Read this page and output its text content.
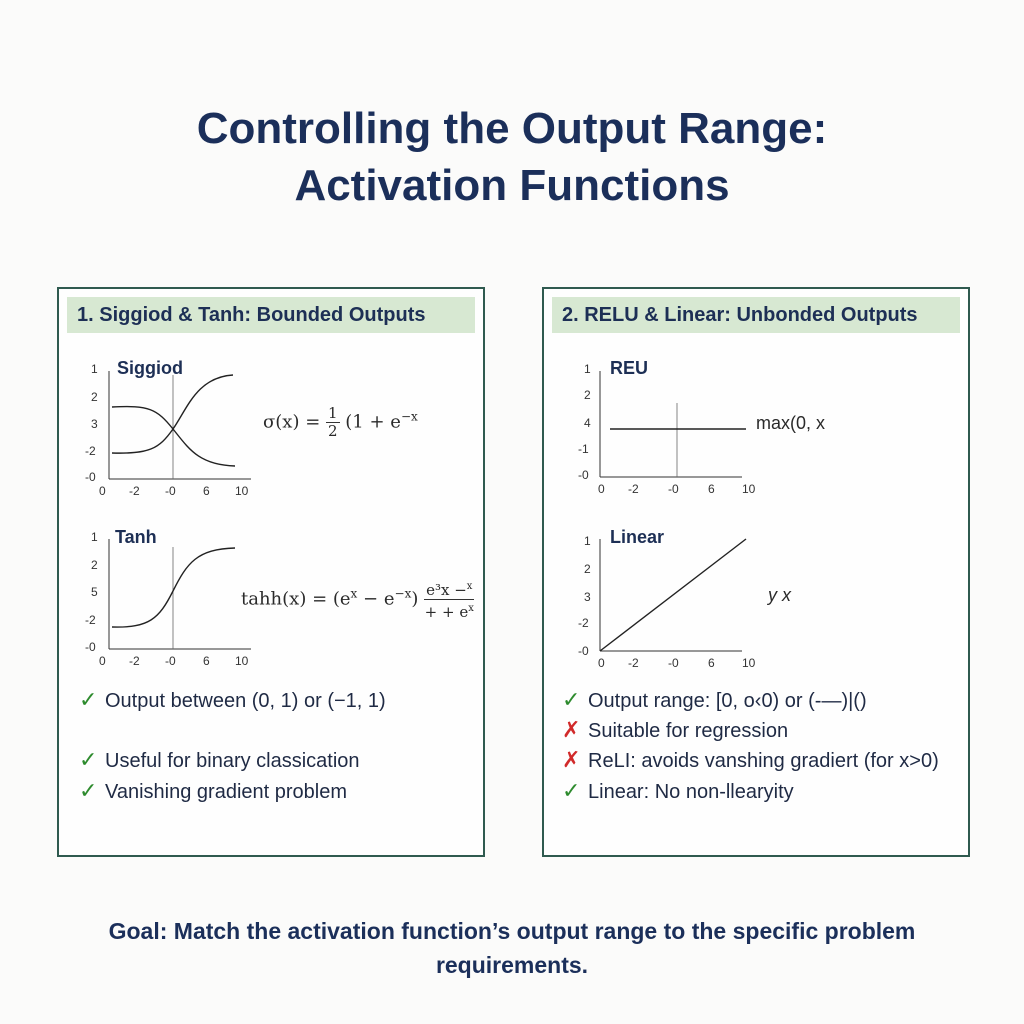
Controlling the Output Range:
Activation Functions
1. Siggiod & Tanh: Bounded Outputs
Siggiod
1
2
3
-2
-0
0 -2 -0 6 10
$\sigma(x) = \frac{1}{2} (1 + e^{-x}$
Tanh
1
2
5
-2
-0
0 -2 -0 6 10
tahh(x) = $(e^x - e^{-x}) \frac{e^3x -^x}{+ + e^x}$
✓ Output between (0, 1) or (−1, 1)
✓ Useful for binary classication
✓ Vanishing gradient problem
2. RELU & Linear: Unbonded Outputs
REU
1
2
4
-1
-0
0 -2 -0 6 10
max(0, x
Linear
1
2
3
-2
-0
0 -2 -0 6 10
y x
✓ Output range: [0, o‹0) or (-—)|()
✗ Suitable for regression
✗ ReLI: avoids vanshing gradiert (for x>0)
✓ Linear: No non-llearyity
Goal: Match the activation function’s output range to the specific problem
requirements.
